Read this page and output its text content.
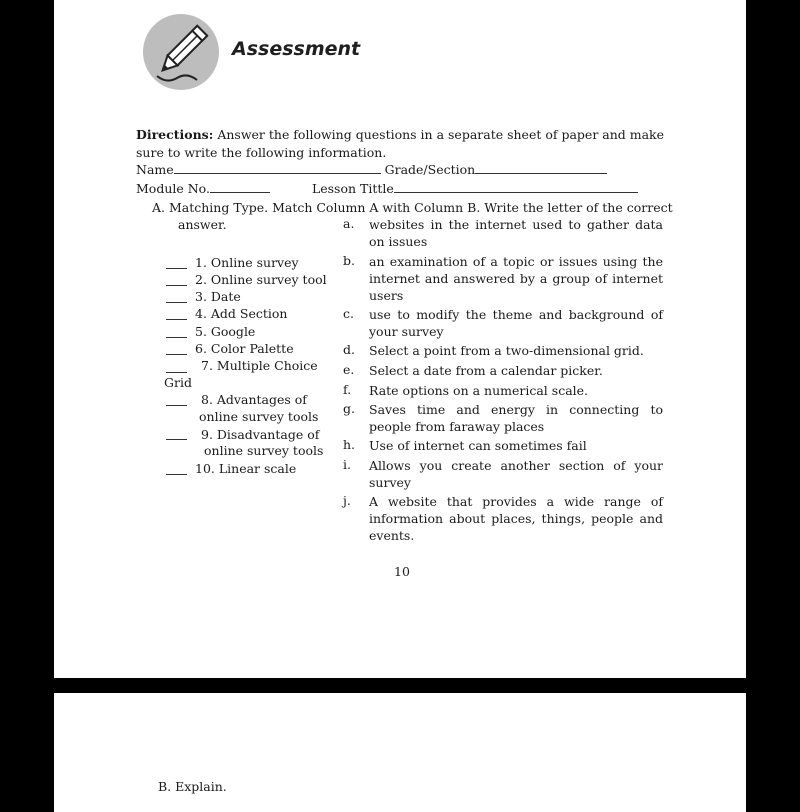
Assessment
Directions: Answer the following questions in a separate sheet of paper and make
sure to write the following information.
Name	Grade/Section
Module No.	Lesson Tittle
A. Matching Type. Match Column A with Column B. Write the letter of the correct
answer.
1. Online survey
2. Online survey tool
3. Date
4. Add Section
5. Google
6. Color Palette
7. Multiple Choice
Grid
8. Advantages of
online survey tools
9. Disadvantage of
online survey tools
10. Linear scale
a. websites in the internet used to gather data on issues
b. an examination of a topic or issues using the internet and answered by a group of internet users
c. use to modify the theme and background of your survey
d. Select a point from a two-dimensional grid.
e. Select a date from a calendar picker.
f. Rate options on a numerical scale.
g. Saves time and energy in connecting to people from faraway places
h. Use of internet can sometimes fail
i. Allows you create another section of your survey
j. A website that provides a wide range of information about places, things, people and events.
10
B. Explain.
